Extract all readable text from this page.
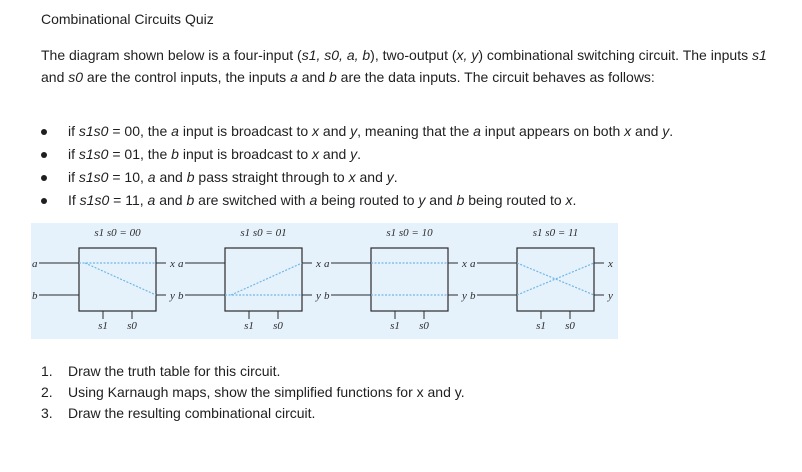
Combinational Circuits Quiz
The diagram shown below is a four-input (s1, s0, a, b), two-output (x, y) combinational switching circuit. The inputs s1 and s0 are the control inputs, the inputs a and b are the data inputs. The circuit behaves as follows:
if s1s0 = 00, the a input is broadcast to x and y, meaning that the a input appears on both x and y.
if s1s0 = 01, the b input is broadcast to x and y.
if s1s0 = 10, a and b pass straight through to x and y.
If s1s0 = 11, a and b are switched with a being routed to y and b being routed to x.
s1 s0 = 00
a
b
x
y
s1 s0
s1 s0 = 01
a
b
x
y
s1 s0
s1 s0 = 10
a
b
x
y
s1 s0
s1 s0 = 11
a
b
x
y
s1 s0
1. Draw the truth table for this circuit.
2. Using Karnaugh maps, show the simplified functions for x and y.
3. Draw the resulting combinational circuit.
